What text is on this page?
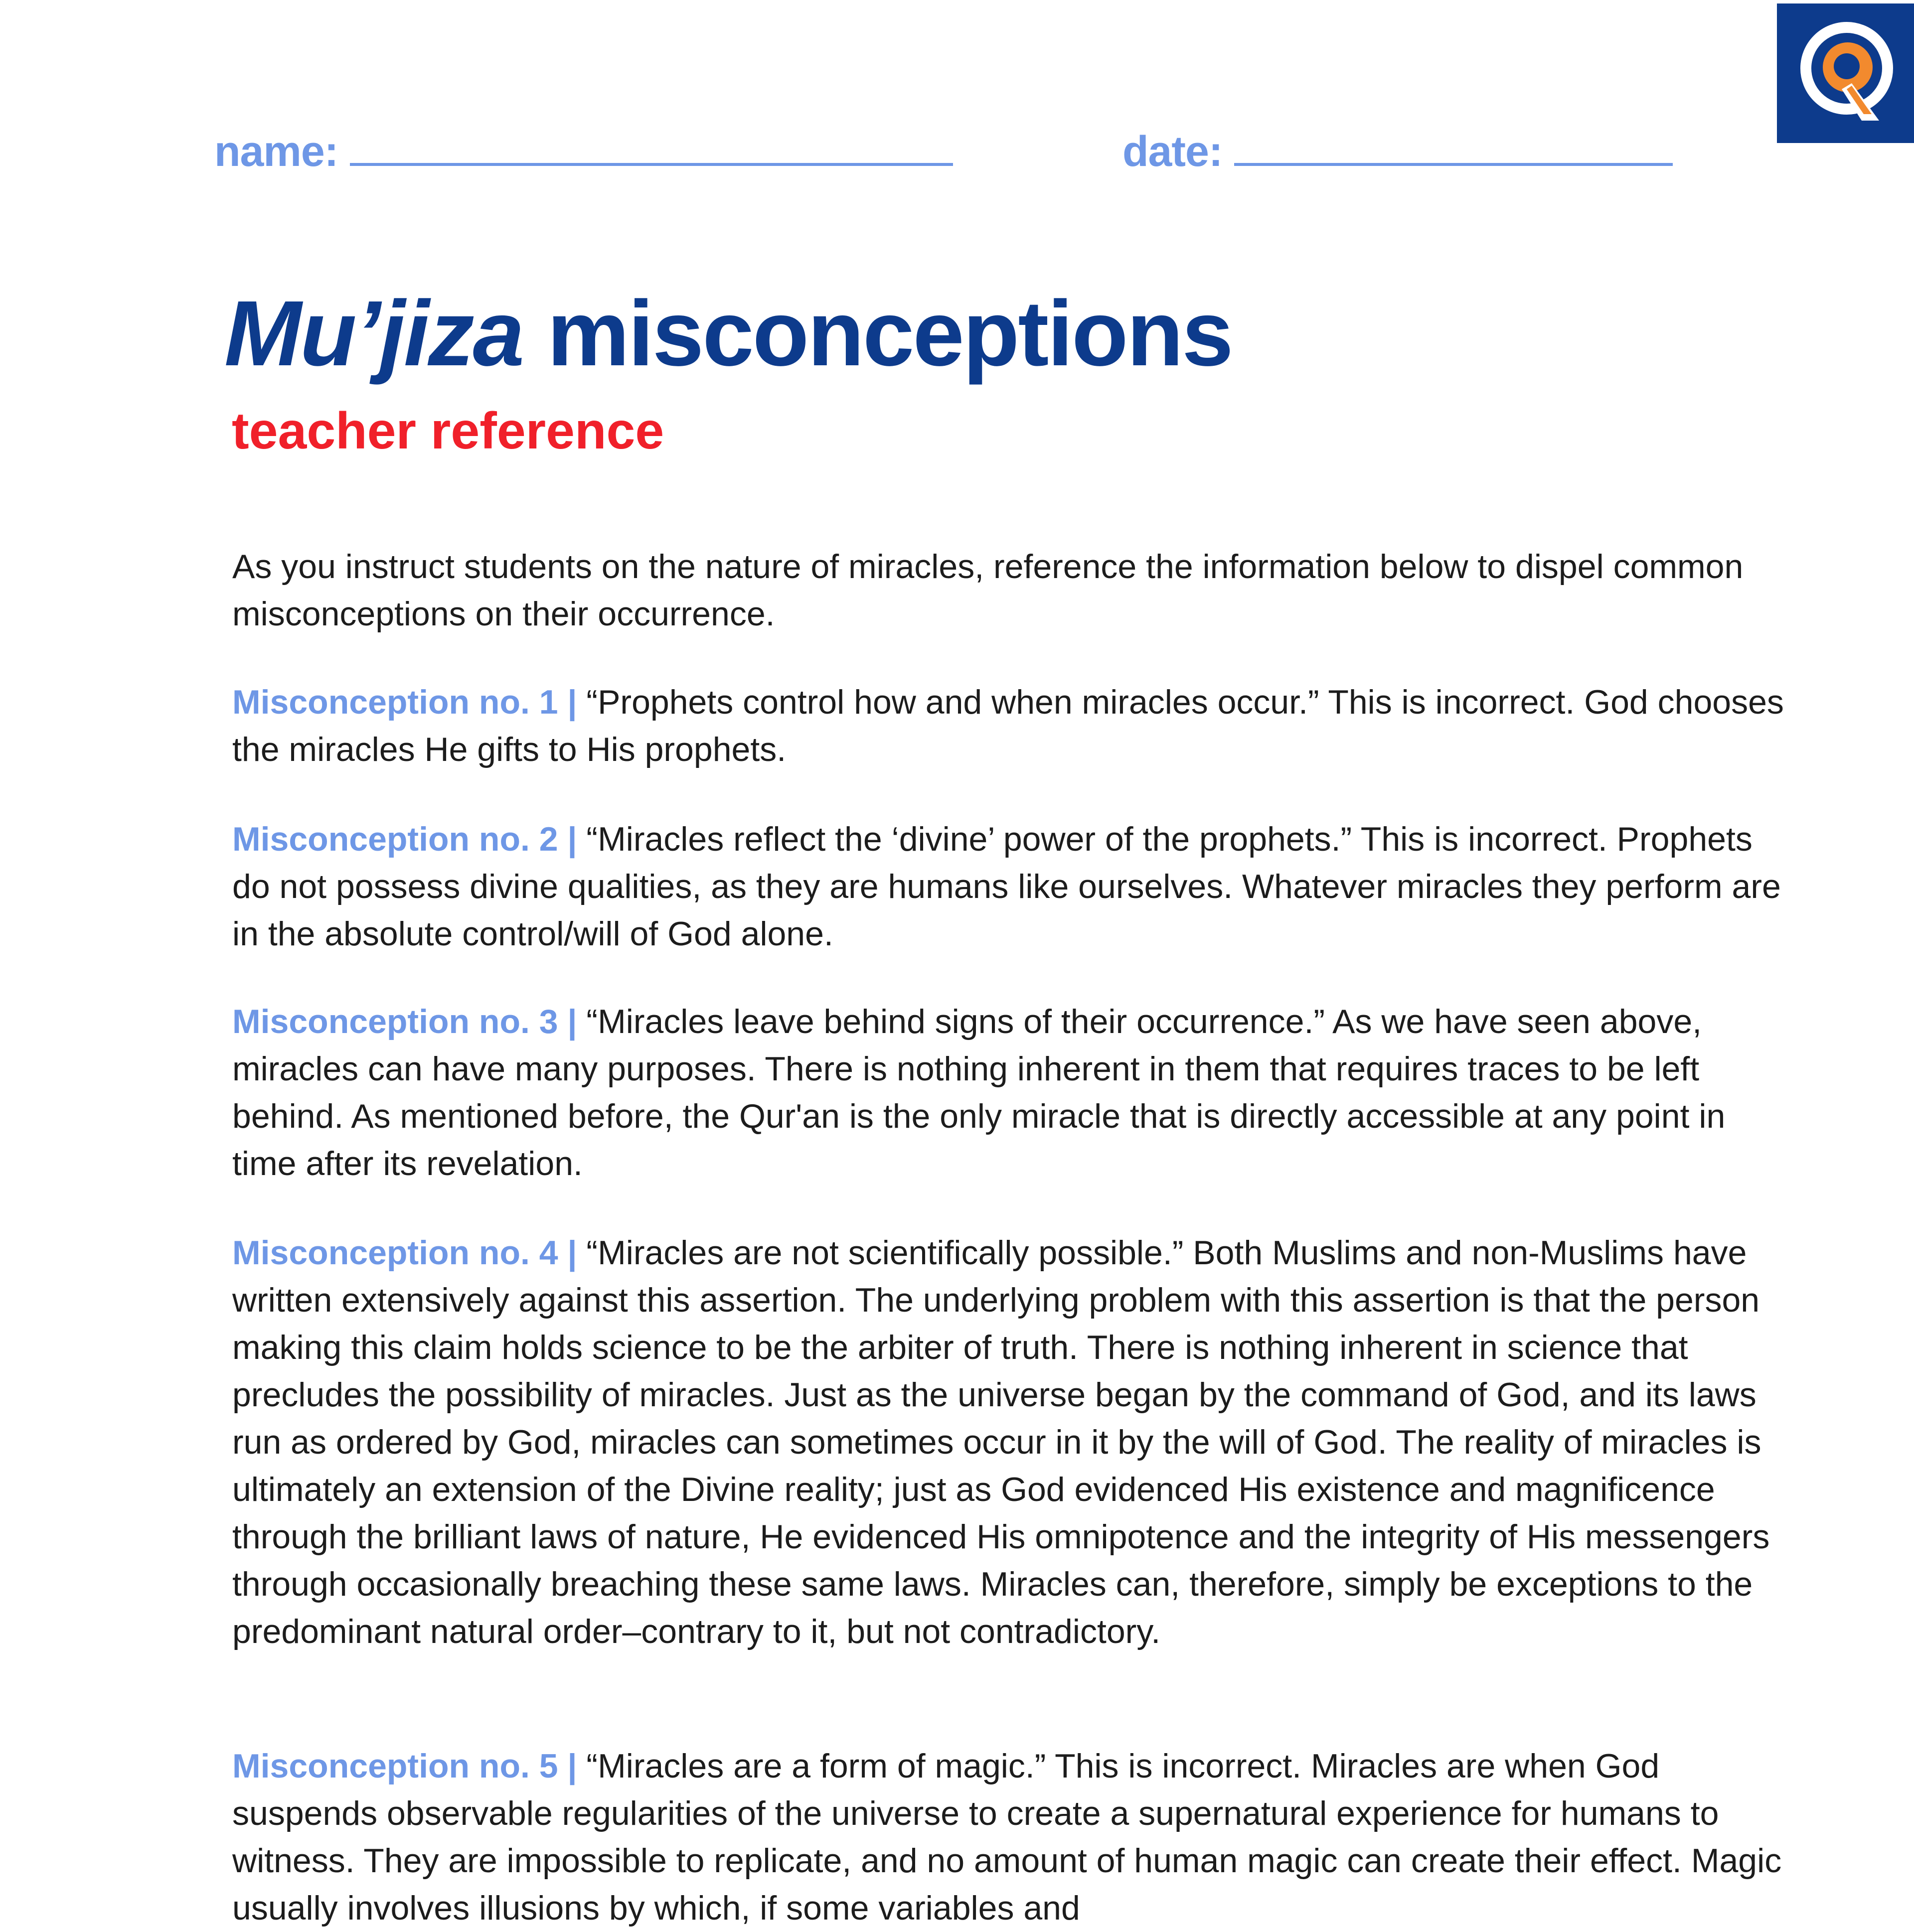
name:	date:
Mu’jiza misconceptions
teacher reference

As you instruct students on the nature of miracles, reference the information below to dispel common misconceptions on their occurrence.

Misconception no. 1 | “Prophets control how and when miracles occur.” This is incorrect. God chooses the miracles He gifts to His prophets.

Misconception no. 2 | “Miracles reflect the ‘divine’ power of the prophets.” This is incorrect. Prophets do not possess divine qualities, as they are humans like ourselves. Whatever miracles they perform are in the absolute control/will of God alone.

Misconception no. 3 | “Miracles leave behind signs of their occurrence.” As we have seen above, miracles can have many purposes. There is nothing inherent in them that requires traces to be left behind. As mentioned before, the Qur'an is the only miracle that is directly accessible at any point in time after its revelation.

Misconception no. 4 | “Miracles are not scientifically possible.” Both Muslims and non-Muslims have written extensively against this assertion. The underlying problem with this assertion is that the person making this claim holds science to be the arbiter of truth. There is nothing inherent in science that precludes the possibility of miracles. Just as the universe began by the command of God, and its laws run as ordered by God, miracles can sometimes occur in it by the will of God. The reality of miracles is ultimately an extension of the Divine reality; just as God evidenced His existence and magnificence through the brilliant laws of nature, He evidenced His omnipotence and the integrity of His messengers through occasionally breaching these same laws. Miracles can, therefore, simply be exceptions to the predominant natural order–contrary to it, but not contradictory.

Misconception no. 5 | “Miracles are a form of magic.” This is incorrect. Miracles are when God suspends observable regularities of the universe to create a supernatural experience for humans to witness. They are impossible to replicate, and no amount of human magic can create their effect. Magic usually involves illusions by which, if some variables and
